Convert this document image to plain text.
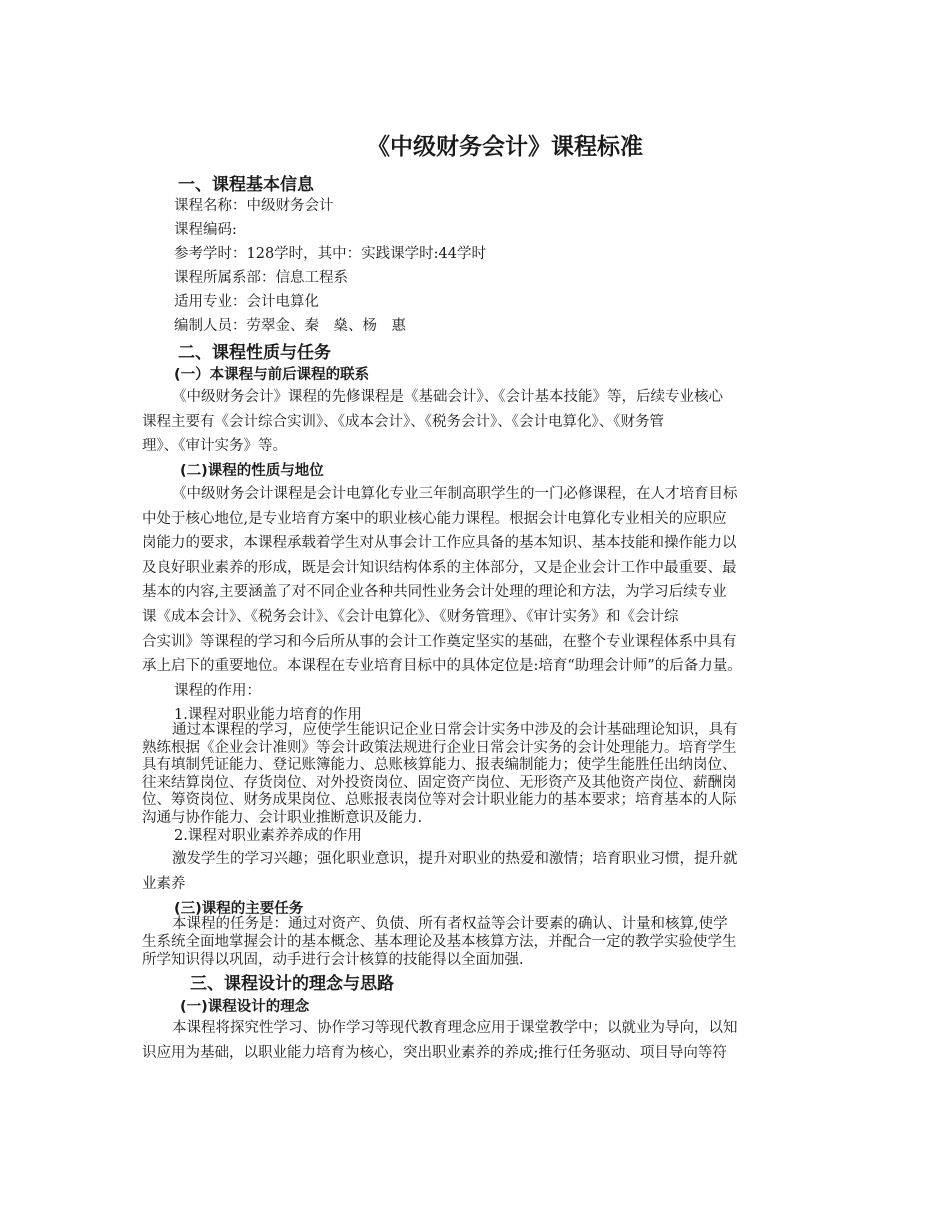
《中级财务会计》课程标准
一、课程基本信息
课程名称：中级财务会计
课程编码:
参考学时：128学时，其中：实践课学时:44学时
课程所属系部：信息工程系
适用专业：会计电算化
编制人员：劳翠金、秦　燊、杨　惠
二、课程性质与任务
(一）本课程与前后课程的联系
《中级财务会计》课程的先修课程是《基础会计》、《会计基本技能》等，后续专业核心
课程主要有《会计综合实训》、《成本会计》、《税务会计》、《会计电算化》、《财务管
理》、《审计实务》等。
(二)课程的性质与地位
《中级财务会计课程是会计电算化专业三年制高职学生的一门必修课程，在人才培育目标
中处于核心地位,是专业培育方案中的职业核心能力课程。根据会计电算化专业相关的应职应
岗能力的要求，本课程承载着学生对从事会计工作应具备的基本知识、基本技能和操作能力以
及良好职业素养的形成，既是会计知识结构体系的主体部分，又是企业会计工作中最重要、最
基本的内容,主要涵盖了对不同企业各种共同性业务会计处理的理论和方法，为学习后续专业
课《成本会计》、《税务会计》、《会计电算化》、《财务管理》、《审计实务》和《会计综
合实训》等课程的学习和今后所从事的会计工作奠定坚实的基础，在整个专业课程体系中具有
承上启下的重要地位。本课程在专业培育目标中的具体定位是:培育“助理会计师”的后备力量。
课程的作用：
1.课程对职业能力培育的作用
通过本课程的学习，应使学生能识记企业日常会计实务中涉及的会计基础理论知识，具有
熟练根据《企业会计准则》等会计政策法规进行企业日常会计实务的会计处理能力。培育学生
具有填制凭证能力、登记账簿能力、总账核算能力、报表编制能力；使学生能胜任出纳岗位、
往来结算岗位、存货岗位、对外投资岗位、固定资产岗位、无形资产及其他资产岗位、薪酬岗
位、筹资岗位、财务成果岗位、总账报表岗位等对会计职业能力的基本要求；培育基本的人际
沟通与协作能力、会计职业推断意识及能力.
2.课程对职业素养养成的作用
激发学生的学习兴趣；强化职业意识，提升对职业的热爱和激情；培育职业习惯，提升就
业素养
(三)课程的主要任务
本课程的任务是：通过对资产、负债、所有者权益等会计要素的确认、计量和核算,使学
生系统全面地掌握会计的基本概念、基本理论及基本核算方法，并配合一定的教学实验使学生
所学知识得以巩固，动手进行会计核算的技能得以全面加强.
三、课程设计的理念与思路
(一)课程设计的理念
本课程将探究性学习、协作学习等现代教育理念应用于课堂教学中；以就业为导向，以知
识应用为基础，以职业能力培育为核心，突出职业素养的养成;推行任务驱动、项目导向等符
